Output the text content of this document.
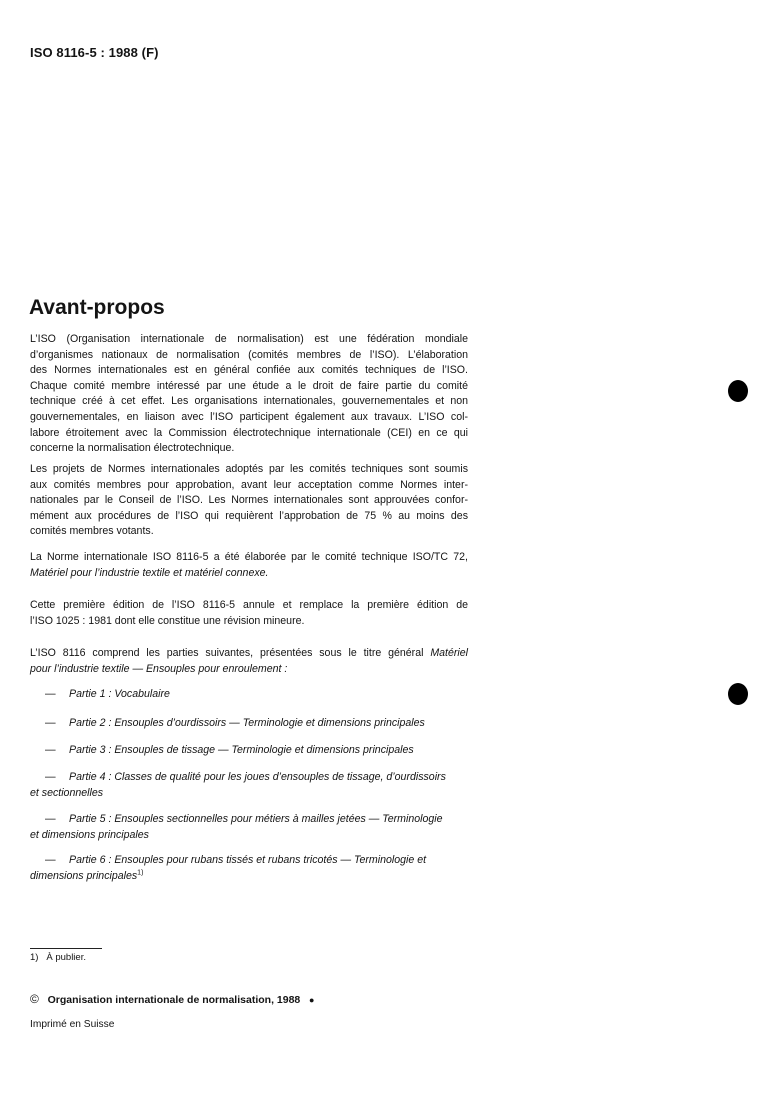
ISO 8116-5 : 1988 (F)
Avant-propos
L’ISO (Organisation internationale de normalisation) est une fédération mondiale
d’organismes nationaux de normalisation (comités membres de l’ISO). L’élaboration
des Normes internationales est en général confiée aux comités techniques de l’ISO.
Chaque comité membre intéressé par une étude a le droit de faire partie du comité
technique créé à cet effet. Les organisations internationales, gouvernementales et non
gouvernementales, en liaison avec l’ISO participent également aux travaux. L’ISO col-
labore étroitement avec la Commission électrotechnique internationale (CEI) en ce qui
concerne la normalisation électrotechnique.
Les projets de Normes internationales adoptés par les comités techniques sont soumis
aux comités membres pour approbation, avant leur acceptation comme Normes inter-
nationales par le Conseil de l’ISO. Les Normes internationales sont approuvées confor-
mément aux procédures de l’ISO qui requièrent l’approbation de 75 % au moins des
comités membres votants.
La Norme internationale ISO 8116-5 a été élaborée par le comité technique ISO/TC 72,
Matériel pour l’industrie textile et matériel connexe.
Cette première édition de l’ISO 8116-5 annule et remplace la première édition de
l’ISO 1025 : 1981 dont elle constitue une révision mineure.
L’ISO 8116 comprend les parties suivantes, présentées sous le titre général Matériel
pour l’industrie textile — Ensouples pour enroulement :
— Partie 1 : Vocabulaire
— Partie 2 : Ensouples d’ourdissoirs — Terminologie et dimensions principales
— Partie 3 : Ensouples de tissage — Terminologie et dimensions principales
— Partie 4 : Classes de qualité pour les joues d’ensouples de tissage, d’ourdissoirs
et sectionnelles
— Partie 5 : Ensouples sectionnelles pour métiers à mailles jetées — Terminologie
et dimensions principales
— Partie 6 : Ensouples pour rubans tissés et rubans tricotés — Terminologie et
dimensions principales$^{1)}$
1) À publier.
© Organisation internationale de normalisation, 1988 ●
Imprimé en Suisse
